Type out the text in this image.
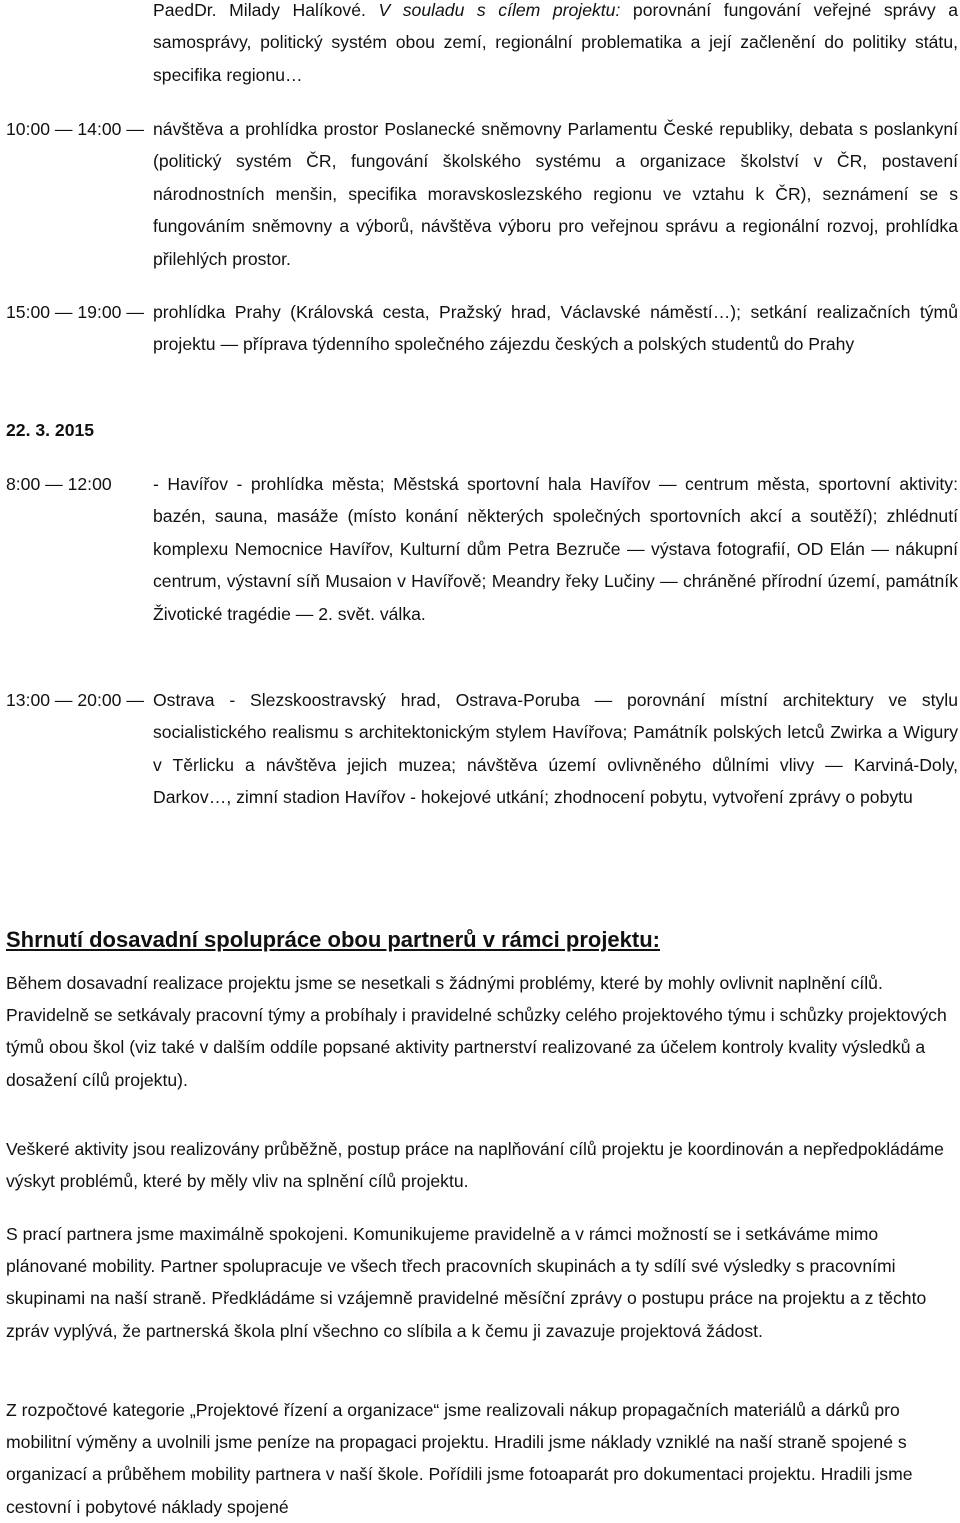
PaedDr. Milady Halíkové. V souladu s cílem projektu: porovnání fungování veřejné správy a samosprávy, politický systém obou zemí, regionální problematika a její začlenění do politiky státu, specifika regionu…
10:00 — 14:00 — návštěva a prohlídka prostor Poslanecké sněmovny Parlamentu České republiky, debata s poslankyní (politický systém ČR, fungování školského systému a organizace školství v ČR, postavení národnostních menšin, specifika moravskoslezského regionu ve vztahu k ČR), seznámení se s fungováním sněmovny a výborů, návštěva výboru pro veřejnou správu a regionální rozvoj, prohlídka přilehlých prostor.
15:00 — 19:00 — prohlídka Prahy (Královská cesta, Pražský hrad, Václavské náměstí…); setkání realizačních týmů projektu — příprava týdenního společného zájezdu českých a polských studentů do Prahy
22. 3. 2015
8:00 — 12:00 - Havířov - prohlídka města; Městská sportovní hala Havířov — centrum města, sportovní aktivity: bazén, sauna, masáže (místo konání některých společných sportovních akcí a soutěží); zhlédnutí komplexu Nemocnice Havířov, Kulturní dům Petra Bezruče — výstava fotografií, OD Elán — nákupní centrum, výstavní síň Musaion v Havířově; Meandry řeky Lučiny — chráněné přírodní území, památník Životické tragédie — 2. svět. válka.
13:00 — 20:00 — Ostrava - Slezskoostravský hrad, Ostrava-Poruba — porovnání místní architektury ve stylu socialistického realismu s architektonickým stylem Havířova; Památník polských letců Zwirka a Wigury v Těrlicku a návštěva jejich muzea; návštěva území ovlivněného důlními vlivy — Karviná-Doly, Darkov…, zimní stadion Havířov - hokejové utkání; zhodnocení pobytu, vytvoření zprávy o pobytu
Shrnutí dosavadní spolupráce obou partnerů v rámci projektu:

Během dosavadní realizace projektu jsme se nesetkali s žádnými problémy, které by mohly ovlivnit naplnění cílů. Pravidelně se setkávaly pracovní týmy a probíhaly i pravidelné schůzky celého projektového týmu i schůzky projektových týmů obou škol (viz také v dalším oddíle popsané aktivity partnerství realizované za účelem kontroly kvality výsledků a dosažení cílů projektu).

Veškeré aktivity jsou realizovány průběžně, postup práce na naplňování cílů projektu je koordinován a nepředpokládáme výskyt problémů, které by měly vliv na splnění cílů projektu.

S prací partnera jsme maximálně spokojeni. Komunikujeme pravidelně a v rámci možností se i setkáváme mimo plánované mobility. Partner spolupracuje ve všech třech pracovních skupinách a ty sdílí své výsledky s pracovními skupinami na naší straně. Předkládáme si vzájemně pravidelné měsíční zprávy o postupu práce na projektu a z těchto zpráv vyplývá, že partnerská škola plní všechno co slíbila a k čemu ji zavazuje projektová žádost.

Z rozpočtové kategorie „Projektové řízení a organizace“ jsme realizovali nákup propagačních materiálů a dárků pro mobilitní výměny a uvolnili jsme peníze na propagaci projektu. Hradili jsme náklady vzniklé na naší straně spojené s organizací a průběhem mobility partnera v naší škole. Pořídili jsme fotoaparát pro dokumentaci projektu. Hradili jsme cestovní i pobytové náklady spojené
